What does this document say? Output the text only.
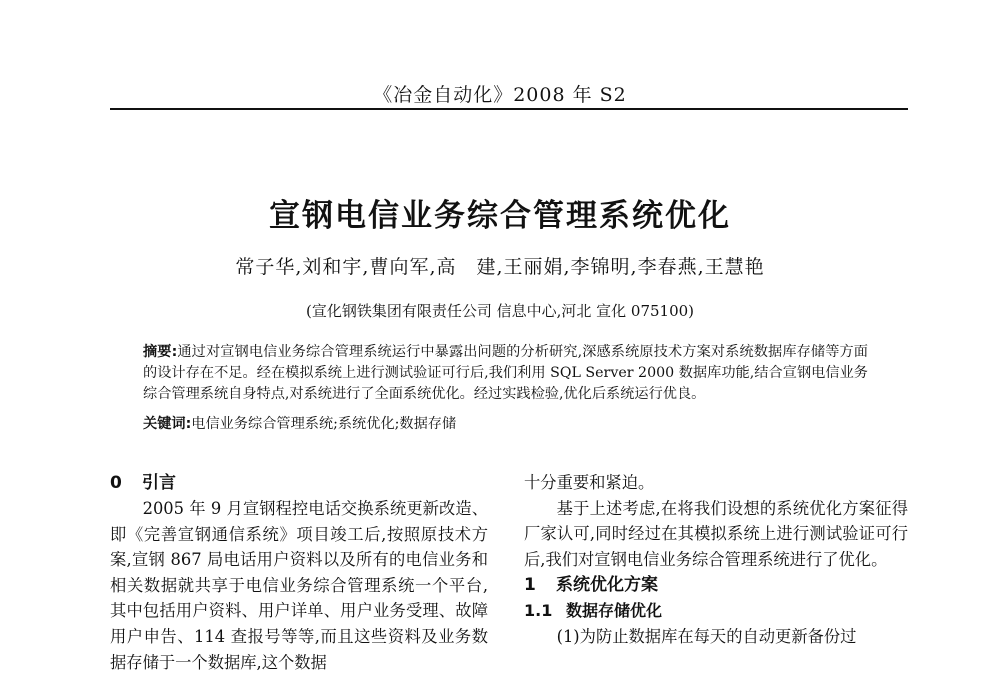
《冶金自动化》2008 年 S2
宣钢电信业务综合管理系统优化
常子华,刘和宇,曹向军,高　建,王丽娟,李锦明,李春燕,王慧艳
(宣化钢铁集团有限责任公司 信息中心,河北 宣化 075100)
摘要:通过对宣钢电信业务综合管理系统运行中暴露出问题的分析研究,深感系统原技术方案对系统数据库存储等方面的设计存在不足。经在模拟系统上进行测试验证可行后,我们利用 SQL Server 2000 数据库功能,结合宣钢电信业务综合管理系统自身特点,对系统进行了全面系统优化。经过实践检验,优化后系统运行优良。
关键词:电信业务综合管理系统;系统优化;数据存储
0 引言

2005 年 9 月宣钢程控电话交换系统更新改造、即《完善宣钢通信系统》项目竣工后,按照原技术方案,宣钢 867 局电话用户资料以及所有的电信业务和相关数据就共享于电信业务综合管理系统一个平台,其中包括用户资料、用户详单、用户业务受理、故障用户申告、114 查报号等等,而且这些资料及业务数据存储于一个数据库,这个数据

十分重要和紧迫。

基于上述考虑,在将我们设想的系统优化方案征得厂家认可,同时经过在其模拟系统上进行测试验证可行后,我们对宣钢电信业务综合管理系统进行了优化。

1 系统优化方案
1.1 数据存储优化

(1)为防止数据库在每天的自动更新备份过
